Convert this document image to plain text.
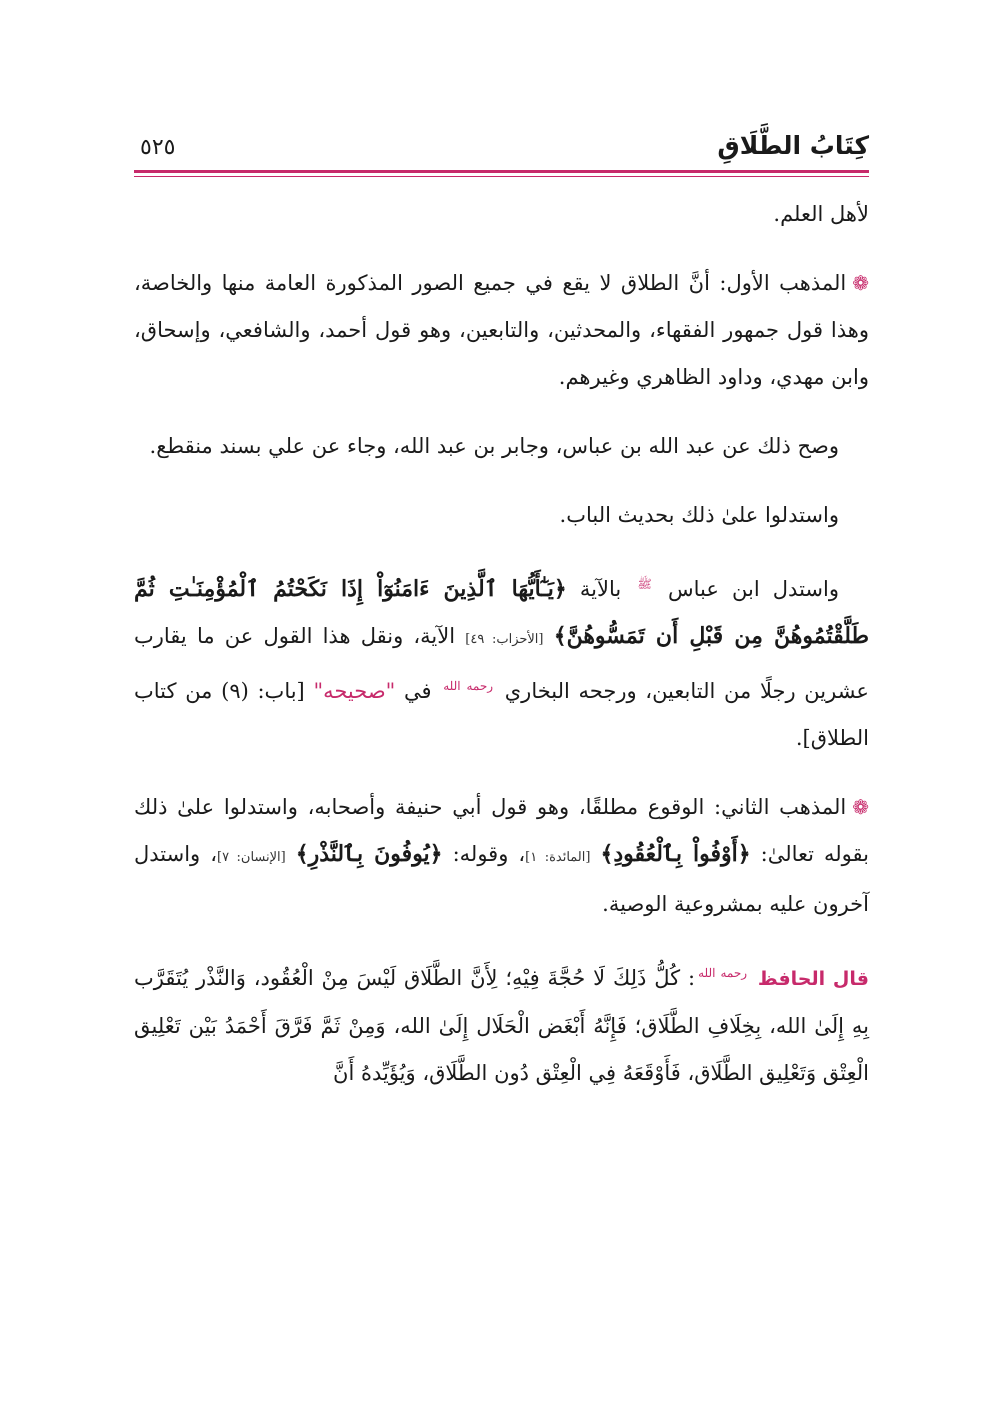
كِتَابُ الطَّلَاقِ
٥٢٥

لأهل العلم.

❁المذهب الأول: أنَّ الطلاق لا يقع في جميع الصور المذكورة العامة منها والخاصة، وهذا قول جمهور الفقهاء، والمحدثين، والتابعين، وهو قول أحمد، والشافعي، وإسحاق، وابن مهدي، وداود الظاهري وغيرهم.

وصح ذلك عن عبد الله بن عباس، وجابر بن عبد الله، وجاء عن علي بسند منقطع.

واستدلوا علىٰ ذلك بحديث الباب.

واستدل ابن عباس $^ﷺ$ بالآية ﴿يَـٰٓأَيُّهَا ٱلَّذِينَ ءَامَنُوٓاْ إِذَا نَكَحْتُمُ ٱلْمُؤْمِنَـٰتِ ثُمَّ طَلَّقْتُمُوهُنَّ مِن قَبْلِ أَن تَمَسُّوهُنَّ﴾ [الأحزاب: ٤٩] الآية، ونقل هذا القول عن ما يقارب عشرين رجلًا من التابعين، ورجحه البخاري $^{رحمه الله}$ في "صحيحه" [باب: (٩) من كتاب الطلاق].

❁المذهب الثاني: الوقوع مطلقًا، وهو قول أبي حنيفة وأصحابه، واستدلوا علىٰ ذلك بقوله تعالىٰ: ﴿أَوْفُواْ بِٱلْعُقُودِ﴾ [المائدة: ١]، وقوله: ﴿يُوفُونَ بِٱلنَّذْرِ﴾ [الإنسان: ٧]، واستدل آخرون عليه بمشروعية الوصية.

قال الحافظ $^{رحمه الله}$: كُلُّ ذَلِكَ لَا حُجَّةَ فِيْهِ؛ لِأَنَّ الطَّلَاق لَيْسَ مِنْ الْعُقُود، وَالنَّذْر يُتَقَرَّب بِهِ إِلَىٰ الله، بِخِلَافِ الطَّلَاق؛ فَإِنَّهُ أَبْغَض الْحَلَال إِلَىٰ الله، وَمِنْ ثَمَّ فَرَّقَ أَحْمَدُ بَيْن تَعْلِيق الْعِتْق وَتَعْلِيق الطَّلَاق، فَأَوْقَعَهُ فِي الْعِتْق دُون الطَّلَاق، وَيُؤَيِّدهُ أَنَّ
